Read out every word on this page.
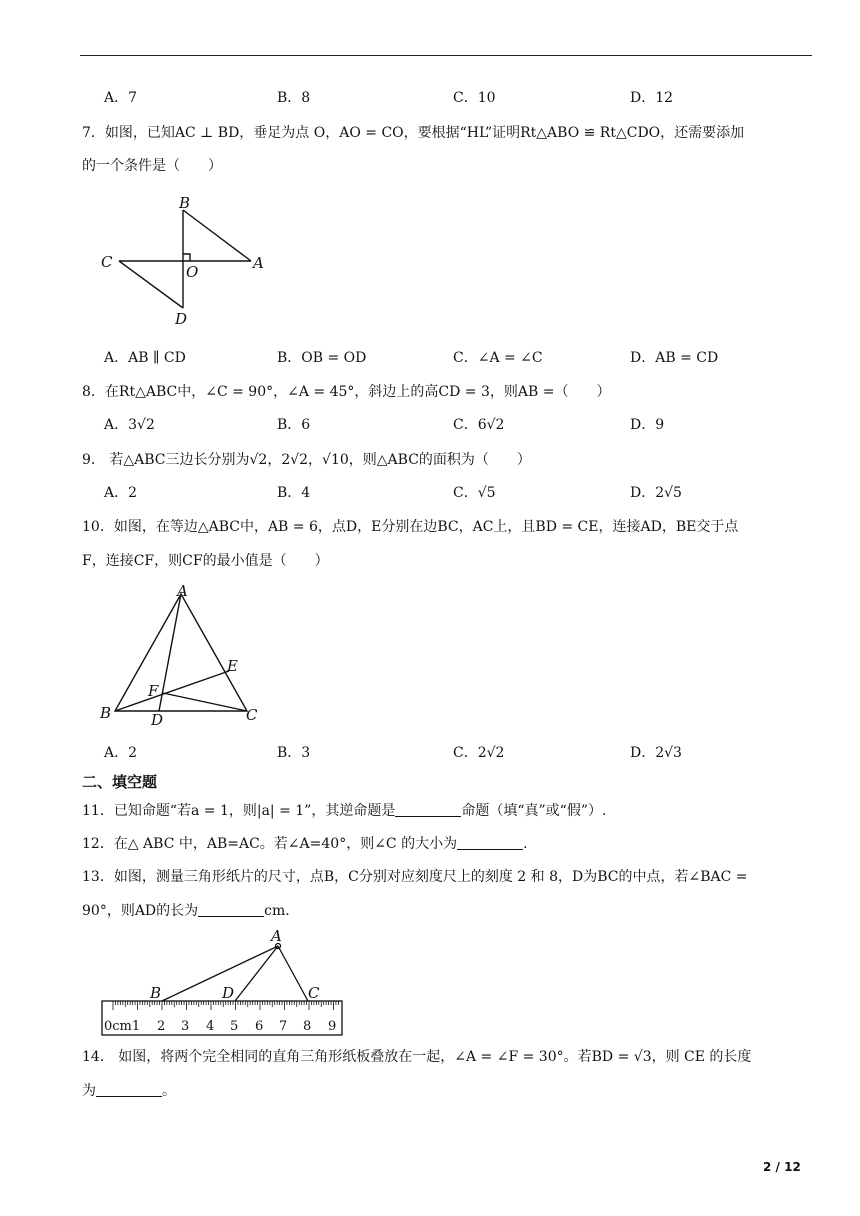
A．7	B．8	C．10	D．12
7．如图，已知AC ⊥ BD，垂足为点 O，AO = CO，要根据“HL”证明Rt△ABO ≌ Rt△CDO，还需要添加
的一个条件是（　　）
B
C
O	A
D
A．AB ∥ CD	B．OB = OD	C．∠A = ∠C	D．AB = CD
8．在Rt△ABC中，∠C = 90°，∠A = 45°，斜边上的高CD = 3，则AB =（　　）
A．3√2	B．6	C．6√2	D．9
9． 若△ABC三边长分别为√2，2√2，√10，则△ABC的面积为（　　）
A．2	B．4	C．√5	D．2√5
10．如图，在等边△ABC中，AB = 6，点D，E分别在边BC，AC上，且BD = CE，连接AD，BE交于点
F，连接CF，则CF的最小值是（　　）
A
E
F
B	D	C
A．2	B．3	C．2√2	D．2√3
二、填空题
11．已知命题“若a = 1，则|a| = 1”，其逆命题是	命题（填“真”或“假”）.
12．在△ ABC 中，AB=AC。若∠A=40°，则∠C 的大小为	.
13．如图，测量三角形纸片的尺寸，点B，C分别对应刻度尺上的刻度 2 和 8，D为BC的中点，若∠BAC =
90°，则AD的长为	cm.
A
B	D	C
0cm1 2 3 4 5 6 7 8 9
14． 如图，将两个完全相同的直角三角形纸板叠放在一起，∠A = ∠F = 30°。若BD = √3，则 CE 的长度
为	。
2 / 12
